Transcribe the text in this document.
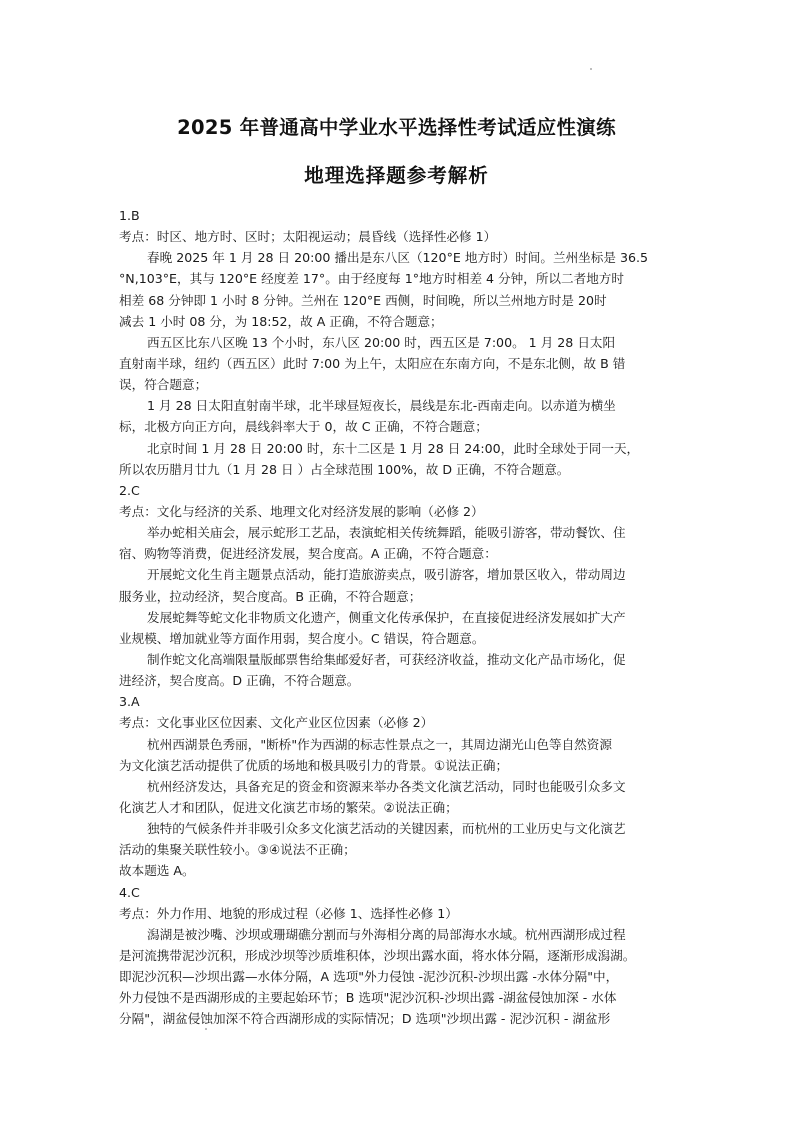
2025 年普通高中学业水平选择性考试适应性演练
地理选择题参考解析
1.B
考点：时区、地方时、区时；太阳视运动；晨昏线（选择性必修 1）
春晚 2025 年 1 月 28 日 20:00 播出是东八区（120°E 地方时）时间。兰州坐标是 36.5
°N,103°E，其与 120°E 经度差 17°。由于经度每 1°地方时相差 4 分钟，所以二者地方时
相差 68 分钟即 1 小时 8 分钟。兰州在 120°E 西侧，时间晚，所以兰州地方时是 20时
减去 1 小时 08 分，为 18:52，故 A 正确，不符合题意；
西五区比东八区晚 13 个小时，东八区 20:00 时，西五区是 7:00。 1 月 28 日太阳
直射南半球，纽约（西五区）此时 7:00 为上午，太阳应在东南方向，不是东北侧，故 B 错
误，符合题意；
1 月 28 日太阳直射南半球，北半球昼短夜长，晨线是东北-西南走向。以赤道为横坐
标，北极方向正方向，晨线斜率大于 0，故 C 正确，不符合题意；
北京时间 1 月 28 日 20:00 时，东十二区是 1 月 28 日 24:00，此时全球处于同一天，
所以农历腊月廿九（1 月 28 日 ）占全球范围 100%，故 D 正确，不符合题意。
2.C
考点：文化与经济的关系、地理文化对经济发展的影响（必修 2）
举办蛇相关庙会，展示蛇形工艺品，表演蛇相关传统舞蹈，能吸引游客，带动餐饮、住
宿、购物等消费，促进经济发展，契合度高。A 正确，不符合题意：
开展蛇文化生肖主题景点活动，能打造旅游卖点，吸引游客，增加景区收入，带动周边
服务业，拉动经济，契合度高。B 正确，不符合题意；
发展蛇舞等蛇文化非物质文化遗产，侧重文化传承保护，在直接促进经济发展如扩大产
业规模、增加就业等方面作用弱，契合度小。C 错误，符合题意。
制作蛇文化高端限量版邮票售给集邮爱好者，可获经济收益，推动文化产品市场化，促
进经济，契合度高。D 正确，不符合题意。
3.A
考点：文化事业区位因素、文化产业区位因素（必修 2）
杭州西湖景色秀丽，"断桥"作为西湖的标志性景点之一，其周边湖光山色等自然资源
为文化演艺活动提供了优质的场地和极具吸引力的背景。①说法正确；
杭州经济发达，具备充足的资金和资源来举办各类文化演艺活动，同时也能吸引众多文
化演艺人才和团队，促进文化演艺市场的繁荣。②说法正确；
独特的气候条件并非吸引众多文化演艺活动的关键因素，而杭州的工业历史与文化演艺
活动的集聚关联性较小。③④说法不正确；
故本题选 A。
4.C
考点：外力作用、地貌的形成过程（必修 1、选择性必修 1）
潟湖是被沙嘴、沙坝或珊瑚礁分割而与外海相分离的局部海水水域。杭州西湖形成过程
是河流携带泥沙沉积，形成沙坝等沙质堆积体，沙坝出露水面，将水体分隔，逐渐形成潟湖。
即泥沙沉积—沙坝出露—水体分隔，A 选项"外力侵蚀 -泥沙沉积-沙坝出露 -水体分隔"中，
外力侵蚀不是西湖形成的主要起始环节；B 选项"泥沙沉积-沙坝出露 -湖盆侵蚀加深 - 水体
分隔"，湖盆侵蚀加深不符合西湖形成的实际情况；D 选项"沙坝出露 - 泥沙沉积 - 湖盆形
